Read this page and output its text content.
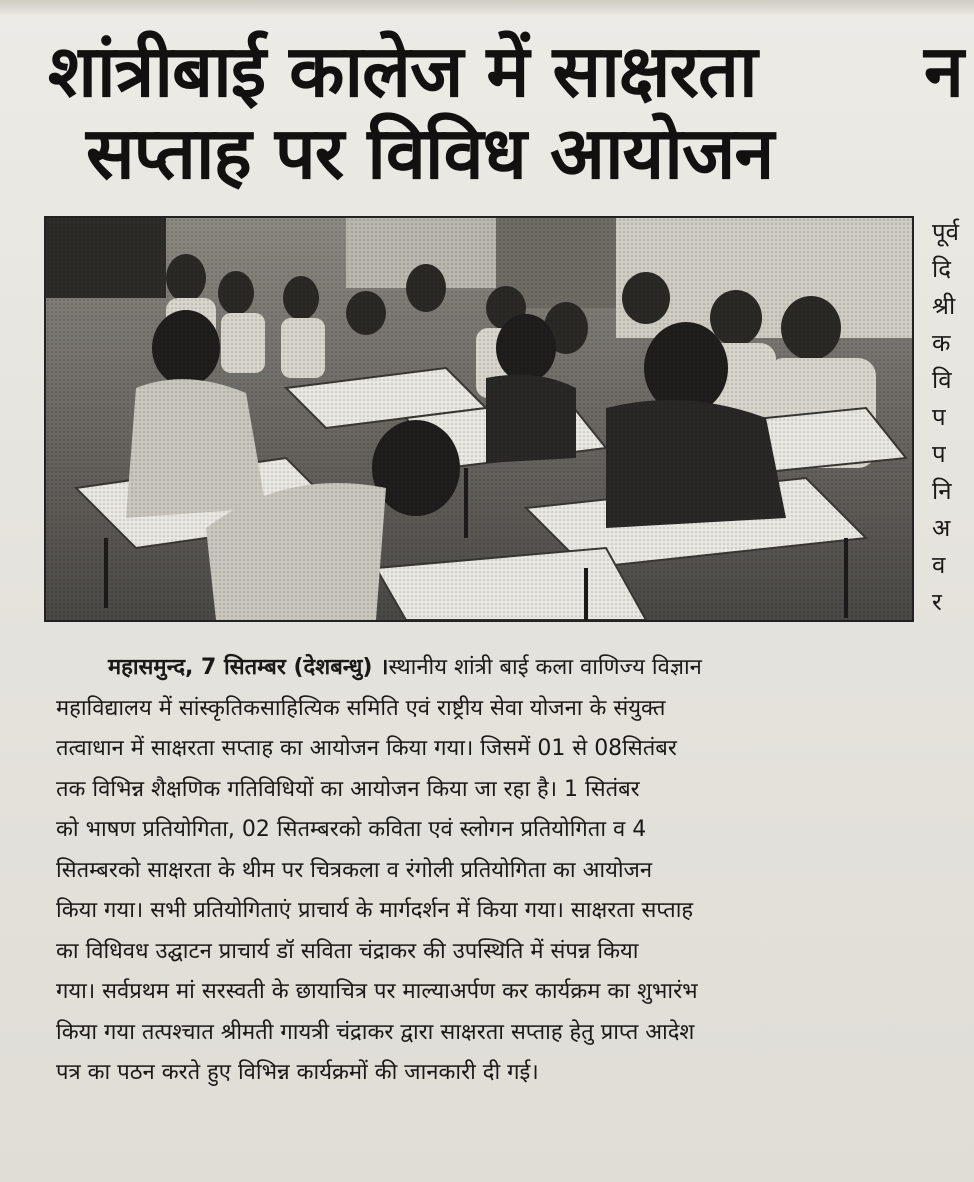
शांत्रीबाई कालेज में साक्षरता
सप्ताह पर विविध आयोजन
न
पूर्व
दि
श्री
क
वि
प
प
नि
अ
व
र
महासमुन्द, 7 सितम्बर (देशबन्धु) ।स्थानीय शांत्री बाई कला वाणिज्य विज्ञान
महाविद्यालय में सांस्कृतिकसाहित्यिक समिति एवं राष्ट्रीय सेवा योजना के संयुक्त
तत्वाधान में साक्षरता सप्ताह का आयोजन किया गया। जिसमें 01 से 08सितंबर
तक विभिन्न शैक्षणिक गतिविधियों का आयोजन किया जा रहा है। 1 सितंबर
को भाषण प्रतियोगिता, 02 सितम्बरको कविता एवं स्लोगन प्रतियोगिता व 4
सितम्बरको साक्षरता के थीम पर चित्रकला व रंगोली प्रतियोगिता का आयोजन
किया गया। सभी प्रतियोगिताएं प्राचार्य के मार्गदर्शन में किया गया। साक्षरता सप्ताह
का विधिवध उद्घाटन प्राचार्य डॉ सविता चंद्राकर की उपस्थिति में संपन्न किया
गया। सर्वप्रथम मां सरस्वती के छायाचित्र पर माल्याअर्पण कर कार्यक्रम का शुभारंभ
किया गया तत्पश्चात श्रीमती गायत्री चंद्राकर द्वारा साक्षरता सप्ताह हेतु प्राप्त आदेश
पत्र का पठन करते हुए विभिन्न कार्यक्रमों की जानकारी दी गई।
